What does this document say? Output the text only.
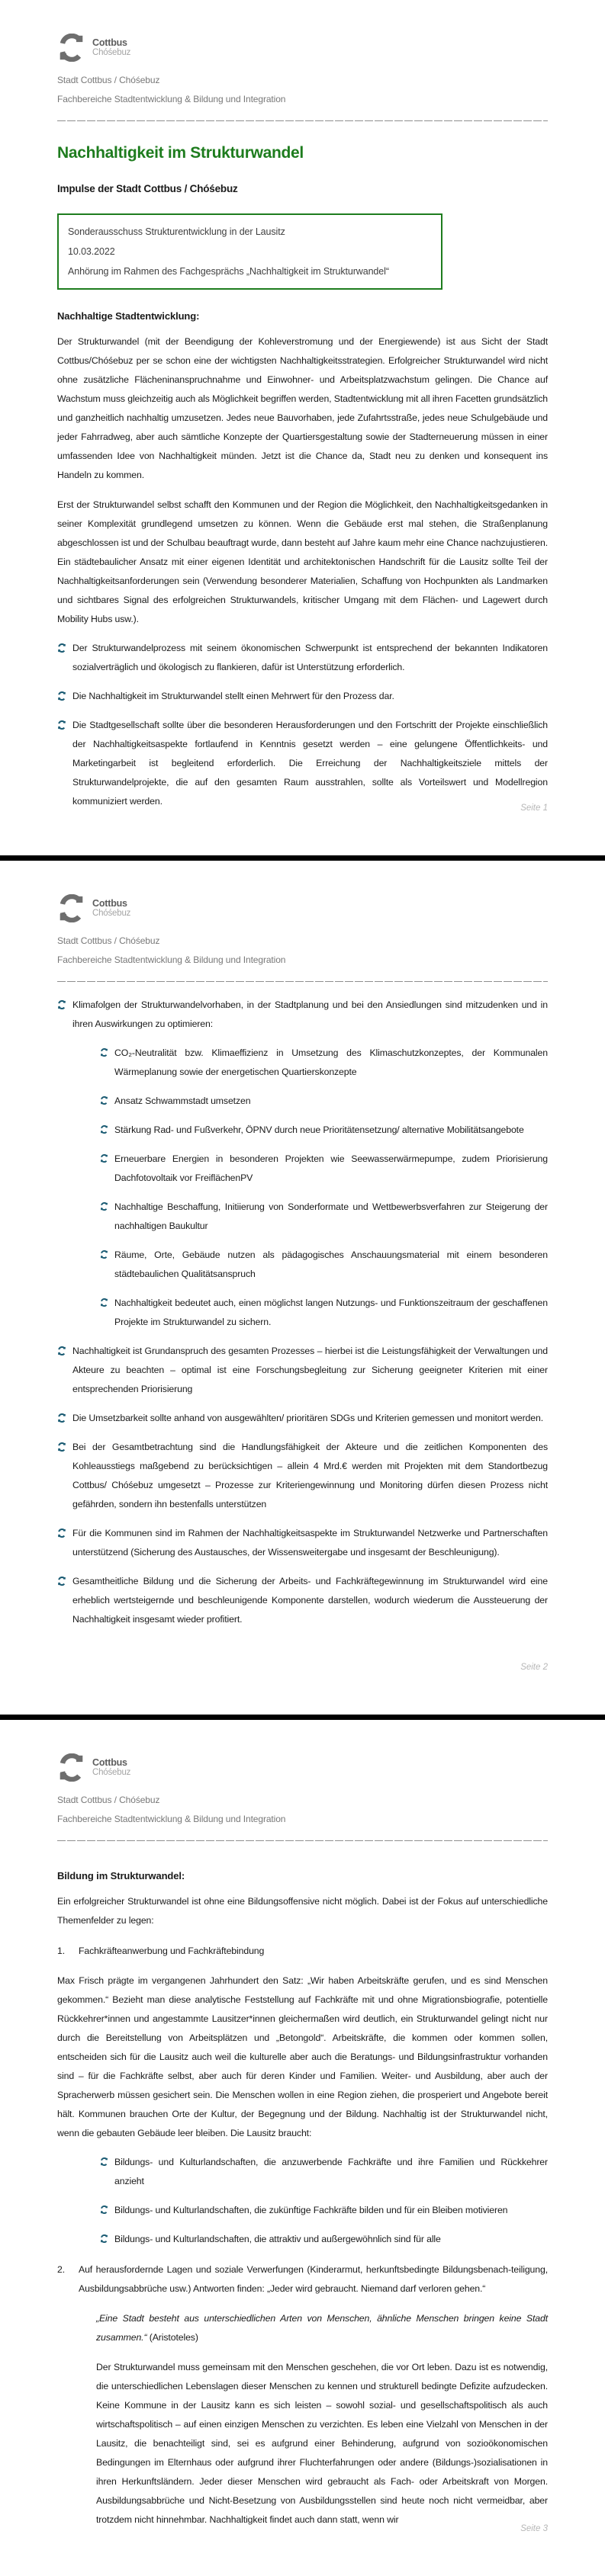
Cottbus
Chóśebuz
Stadt Cottbus / Chóśebuz
Fachbereiche Stadtentwicklung & Bildung und Integration
Nachhaltigkeit im Strukturwandel
Impulse der Stadt Cottbus / Chóśebuz
Sonderausschuss Strukturentwicklung in der Lausitz
10.03.2022
Anhörung im Rahmen des Fachgesprächs „Nachhaltigkeit im Strukturwandel“
Nachhaltige Stadtentwicklung:

Der Strukturwandel (mit der Beendigung der Kohleverstromung und der Energiewende) ist aus Sicht der Stadt Cottbus/Chóśebuz per se schon eine der wichtigsten Nachhaltigkeitsstrategien. Erfolgreicher Strukturwandel wird nicht ohne zusätzliche Flächeninanspruchnahme und Einwohner- und Arbeitsplatzwachstum gelingen. Die Chance auf Wachstum muss gleichzeitig auch als Möglichkeit begriffen werden, Stadtentwicklung mit all ihren Facetten grundsätzlich und ganzheitlich nachhaltig umzusetzen. Jedes neue Bauvorhaben, jede Zufahrtsstraße, jedes neue Schulgebäude und jeder Fahrradweg, aber auch sämtliche Konzepte der Quartiersgestaltung sowie der Stadterneuerung müssen in einer umfassenden Idee von Nachhaltigkeit münden. Jetzt ist die Chance da, Stadt neu zu denken und konsequent ins Handeln zu kommen.

Erst der Strukturwandel selbst schafft den Kommunen und der Region die Möglichkeit, den Nachhaltigkeitsgedanken in seiner Komplexität grundlegend umsetzen zu können. Wenn die Gebäude erst mal stehen, die Straßenplanung abgeschlossen ist und der Schulbau beauftragt wurde, dann besteht auf Jahre kaum mehr eine Chance nachzujustieren. Ein städtebaulicher Ansatz mit einer eigenen Identität und architektonischen Handschrift für die Lausitz sollte Teil der Nachhaltigkeitsanforderungen sein (Verwendung besonderer Materialien, Schaffung von Hochpunkten als Landmarken und sichtbares Signal des erfolgreichen Strukturwandels, kritischer Umgang mit dem Flächen- und Lagewert durch Mobility Hubs usw.).

Der Strukturwandelprozess mit seinem ökonomischen Schwerpunkt ist entsprechend der bekannten Indikatoren sozialverträglich und ökologisch zu flankieren, dafür ist Unterstützung erforderlich.
Die Nachhaltigkeit im Strukturwandel stellt einen Mehrwert für den Prozess dar.
Die Stadtgesellschaft sollte über die besonderen Herausforderungen und den Fortschritt der Projekte einschließlich der Nachhaltigkeitsaspekte fortlaufend in Kenntnis gesetzt werden – eine gelungene Öffentlichkeits- und Marketingarbeit ist begleitend erforderlich. Die Erreichung der Nachhaltigkeitsziele mittels der Strukturwandelprojekte, die auf den gesamten Raum ausstrahlen, sollte als Vorteilswert und Modellregion kommuniziert werden.
Seite 1
Cottbus
Chóśebuz
Stadt Cottbus / Chóśebuz
Fachbereiche Stadtentwicklung & Bildung und Integration
Klimafolgen der Strukturwandelvorhaben, in der Stadtplanung und bei den Ansiedlungen sind mitzudenken und in ihren Auswirkungen zu optimieren:
CO₂-Neutralität bzw. Klimaeffizienz in Umsetzung des Klimaschutzkonzeptes, der Kommunalen Wärmeplanung sowie der energetischen Quartierskonzepte
Ansatz Schwammstadt umsetzen
Stärkung Rad- und Fußverkehr, ÖPNV durch neue Prioritätensetzung/ alternative Mobilitätsangebote
Erneuerbare Energien in besonderen Projekten wie Seewasserwärmepumpe, zudem Priorisierung Dachfotovoltaik vor FreiflächenPV
Nachhaltige Beschaffung, Initiierung von Sonderformate und Wettbewerbsverfahren zur Steigerung der nachhaltigen Baukultur
Räume, Orte, Gebäude nutzen als pädagogisches Anschauungsmaterial mit einem besonderen städtebaulichen Qualitätsanspruch
Nachhaltigkeit bedeutet auch, einen möglichst langen Nutzungs- und Funktionszeitraum der geschaffenen Projekte im Strukturwandel zu sichern.
Nachhaltigkeit ist Grundanspruch des gesamten Prozesses – hierbei ist die Leistungsfähigkeit der Verwaltungen und Akteure zu beachten – optimal ist eine Forschungsbegleitung zur Sicherung geeigneter Kriterien mit einer entsprechenden Priorisierung
Die Umsetzbarkeit sollte anhand von ausgewählten/ prioritären SDGs und Kriterien gemessen und monitort werden.
Bei der Gesamtbetrachtung sind die Handlungsfähigkeit der Akteure und die zeitlichen Komponenten des Kohleausstiegs maßgebend zu berücksichtigen – allein 4 Mrd.€ werden mit Projekten mit dem Standortbezug Cottbus/ Chóśebuz umgesetzt – Prozesse zur Kriteriengewinnung und Monitoring dürfen diesen Prozess nicht gefährden, sondern ihn bestenfalls unterstützen
Für die Kommunen sind im Rahmen der Nachhaltigkeitsaspekte im Strukturwandel Netzwerke und Partnerschaften unterstützend (Sicherung des Austausches, der Wissensweitergabe und insgesamt der Beschleunigung).
Gesamtheitliche Bildung und die Sicherung der Arbeits- und Fachkräftegewinnung im Strukturwandel wird eine erheblich wertsteigernde und beschleunigende Komponente darstellen, wodurch wiederum die Aussteuerung der Nachhaltigkeit insgesamt wieder profitiert.
Seite 2
Cottbus
Chóśebuz
Stadt Cottbus / Chóśebuz
Fachbereiche Stadtentwicklung & Bildung und Integration
Bildung im Strukturwandel:

Ein erfolgreicher Strukturwandel ist ohne eine Bildungsoffensive nicht möglich. Dabei ist der Fokus auf unterschiedliche Themenfelder zu legen:

1.	Fachkräfteanwerbung und Fachkräftebindung

Max Frisch prägte im vergangenen Jahrhundert den Satz: „Wir haben Arbeitskräfte gerufen, und es sind Menschen gekommen.“ Bezieht man diese analytische Feststellung auf Fachkräfte mit und ohne Migrationsbiografie, potentielle Rückkehrer*innen und angestammte Lausitzer*innen gleichermaßen wird deutlich, ein Strukturwandel gelingt nicht nur durch die Bereitstellung von Arbeitsplätzen und „Betongold“. Arbeitskräfte, die kommen oder kommen sollen, entscheiden sich für die Lausitz auch weil die kulturelle aber auch die Beratungs- und Bildungsinfrastruktur vorhanden sind – für die Fachkräfte selbst, aber auch für deren Kinder und Familien. Weiter- und Ausbildung, aber auch der Spracherwerb müssen gesichert sein. Die Menschen wollen in eine Region ziehen, die prosperiert und Angebote bereit hält. Kommunen brauchen Orte der Kultur, der Begegnung und der Bildung. Nachhaltig ist der Strukturwandel nicht, wenn die gebauten Gebäude leer bleiben. Die Lausitz braucht:

Bildungs- und Kulturlandschaften, die anzuwerbende Fachkräfte und ihre Familien und Rückkehrer anzieht
Bildungs- und Kulturlandschaften, die zukünftige Fachkräfte bilden und für ein Bleiben motivieren
Bildungs- und Kulturlandschaften, die attraktiv und außergewöhnlich sind für alle
2.	Auf herausfordernde Lagen und soziale Verwerfungen (Kinderarmut, herkunftsbedingte Bildungsbenach-teiligung, Ausbildungsabbrüche usw.) Antworten finden: „Jeder wird gebraucht. Niemand darf verloren gehen.“

„Eine Stadt besteht aus unterschiedlichen Arten von Menschen, ähnliche Menschen bringen keine Stadt zusammen.“ (Aristoteles)

Der Strukturwandel muss gemeinsam mit den Menschen geschehen, die vor Ort leben. Dazu ist es notwendig, die unterschiedlichen Lebenslagen dieser Menschen zu kennen und strukturell bedingte Defizite aufzudecken. Keine Kommune in der Lausitz kann es sich leisten – sowohl sozial- und gesellschaftspolitisch als auch wirtschaftspolitisch – auf einen einzigen Menschen zu verzichten. Es leben eine Vielzahl von Menschen in der Lausitz, die benachteiligt sind, sei es aufgrund einer Behinderung, aufgrund von sozioökonomischen Bedingungen im Elternhaus oder aufgrund ihrer Fluchterfahrungen oder andere (Bildungs-)sozialisationen in ihren Herkunftsländern. Jeder dieser Menschen wird gebraucht als Fach- oder Arbeitskraft von Morgen. Ausbildungsabbrüche und Nicht-Besetzung von Ausbildungsstellen sind heute noch nicht vermeidbar, aber trotzdem nicht hinnehmbar. Nachhaltigkeit findet auch dann statt, wenn wir

Seite 3
